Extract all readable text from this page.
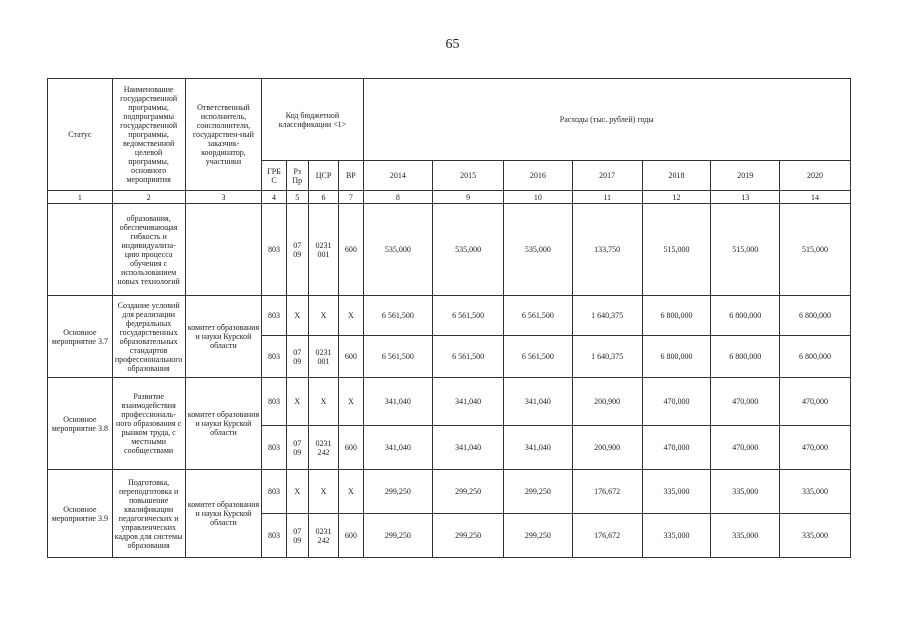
65
Статус	Наименование государственной программы, подпрограммы государственной программы, ведомственной целевой программы, основного мероприятия	Ответственный исполнитель, соисполнители, государствен-ный заказчик-координатор, участники	Код бюджетной классификации <1>				Расходы (тыс. рублей) годы						
			ГРБ С	Рз Пр	ЦСР	ВР	2014	2015	2016	2017	2018	2019	2020
1	2	3	4	5	6	7	8	9	10	11	12	13	14
	образования, обеспечивающая гибкость и индивидуализа-цию процесса обучения с использованием новых технологий		803	07 09	0231 001	600	535,000	535,000	535,000	133,750	515,000	515,000	515,000
Основное мероприятие 3.7	Создание условий для реализации федеральных государственных образовательных стандартов профессионального образования	комитет образования и науки Курской области	803	X	X	X	6 561,500	6 561,500	6 561,500	1 640,375	6 800,000	6 800,000	6 800,000
			803	07 09	0231 001	600	6 561,500	6 561,500	6 561,500	1 640,375	6 800,000	6 800,000	6 800,000
Основное мероприятие 3.8	Развитие взаимодействия профессиональ-ного образования с рынком труда, с местными сообществами	комитет образования и науки Курской области	803	X	X	X	341,040	341,040	341,040	200,900	470,000	470,000	470,000
			803	07 09	0231 242	600	341,040	341,040	341,040	200,900	470,000	470,000	470,000
Основное мероприятие 3.9	Подготовка, переподготовка и повышение квалификации педагогических и управленческих кадров для системы образования	комитет образования и науки Курской области	803	X	X	X	299,250	299,250	299,250	176,672	335,000	335,000	335,000
			803	07 09	0231 242	600	299,250	299,250	299,250	176,672	335,000	335,000	335,000
